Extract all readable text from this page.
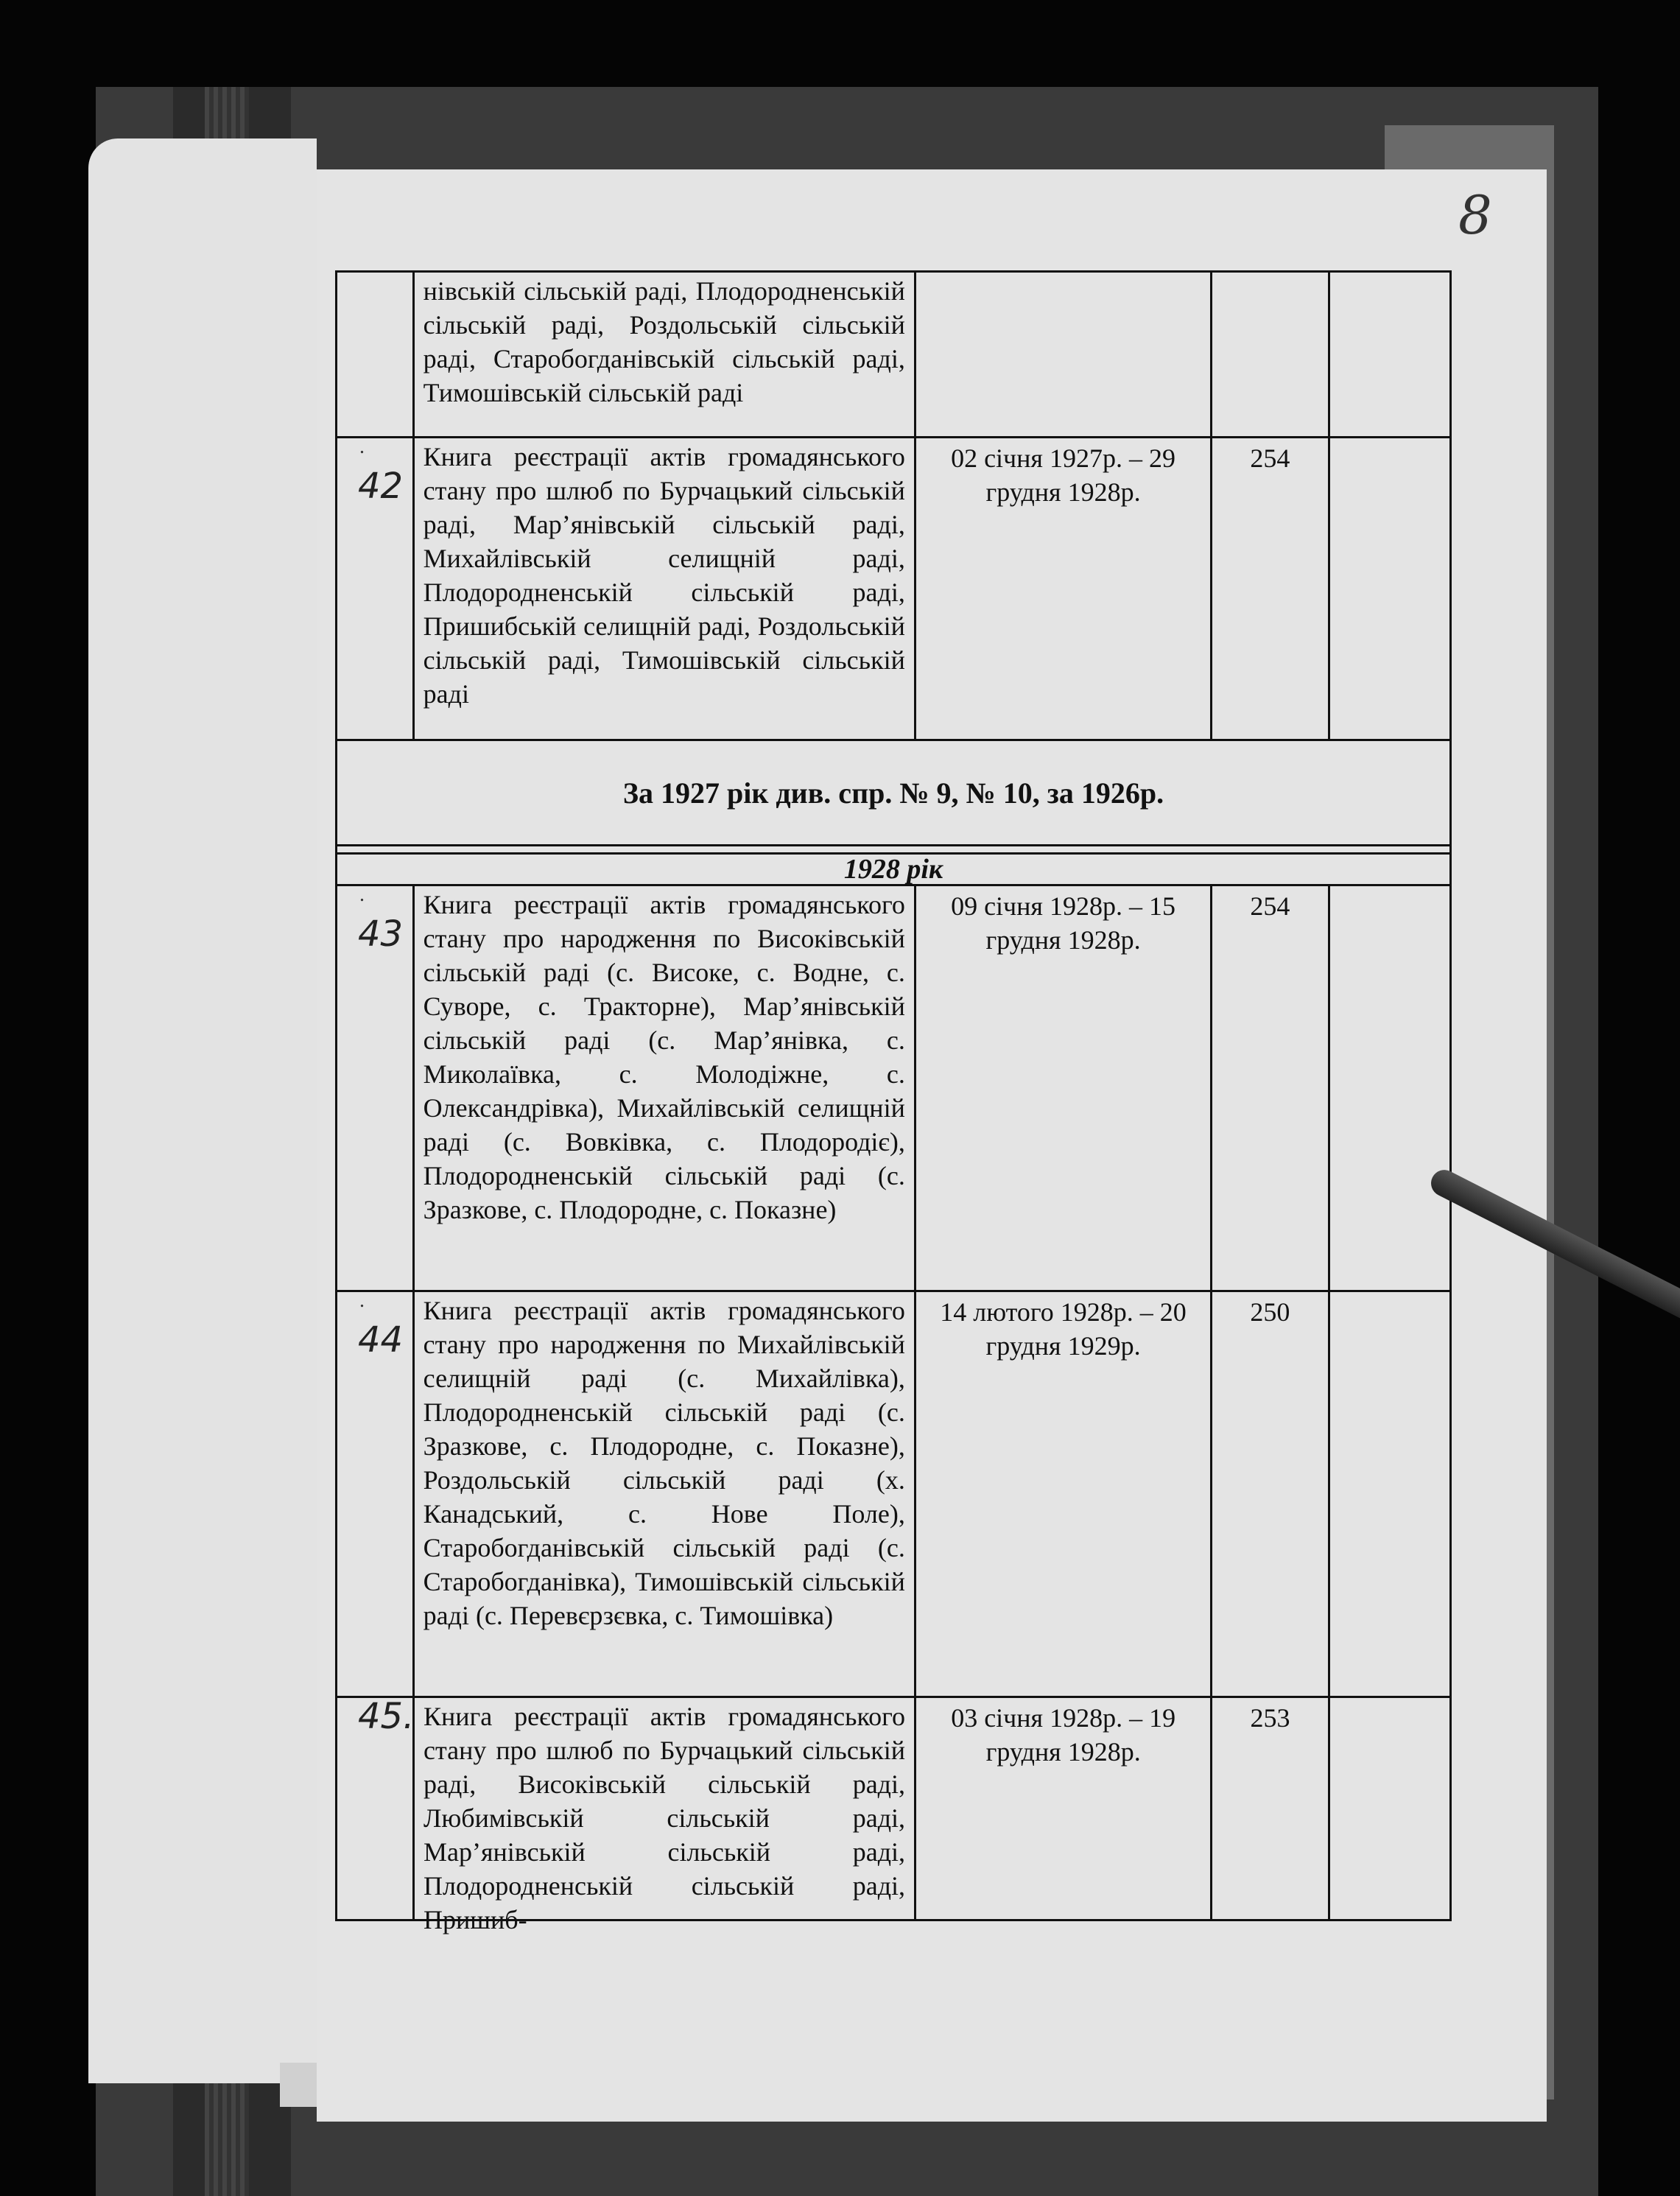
8
нівській сільській раді, Плодородненській сільській раді, Роздольській сільській раді, Старобогданівській сільській раді, Тимошівській сільській раді
.
42
Книга реєстрації актів громадянського стану про шлюб по Бурчацький сільській раді, Мар’янівській сільській раді, Михайлівській селищній раді, Плодородненській сільській раді, Пришибській селищній раді, Роздольській сільській раді, Тимошівській сільській раді
02 січня 1927р. – 29 грудня 1928р.
254
За 1927 рік див. спр. № 9, № 10, за 1926р.
1928 рік
.
43
Книга реєстрації актів громадянського стану про народження по Високівській сільській раді (с. Високе, с. Водне, с. Суворе, с. Тракторне), Мар’янівській сільській раді (с. Мар’янівка, с. Миколаївка, с. Молодіжне, с. Олександрівка), Михайлівській селищній раді (с. Вовківка, с. Плодородіє), Плодородненській сільській раді (с. Зразкове, с. Плодородне, с. Показне)
09 січня 1928р. – 15 грудня 1928р.
254
.
44
Книга реєстрації актів громадянського стану про народження по Михайлівській селищній раді (с. Михайлівка), Плодородненській сільській раді (с. Зразкове, с. Плодородне, с. Показне), Роздольській сільській раді (х. Канадський, с. Нове Поле), Старобогданівській сільській раді (с. Старобогданівка), Тимошівській сільській раді (с. Перевєрзєвка, с. Тимошівка)
14 лютого 1928р. – 20 грудня 1929р.
250
45. Книга реєстрації актів громадянського стану про шлюб по Бурчацький сільській раді, Високівській сільській раді, Любимівській сільській раді, Мар’янівській сільській раді, Плодородненській сільській раді, Пришиб-
03 січня 1928р. – 19 грудня 1928р.
253
